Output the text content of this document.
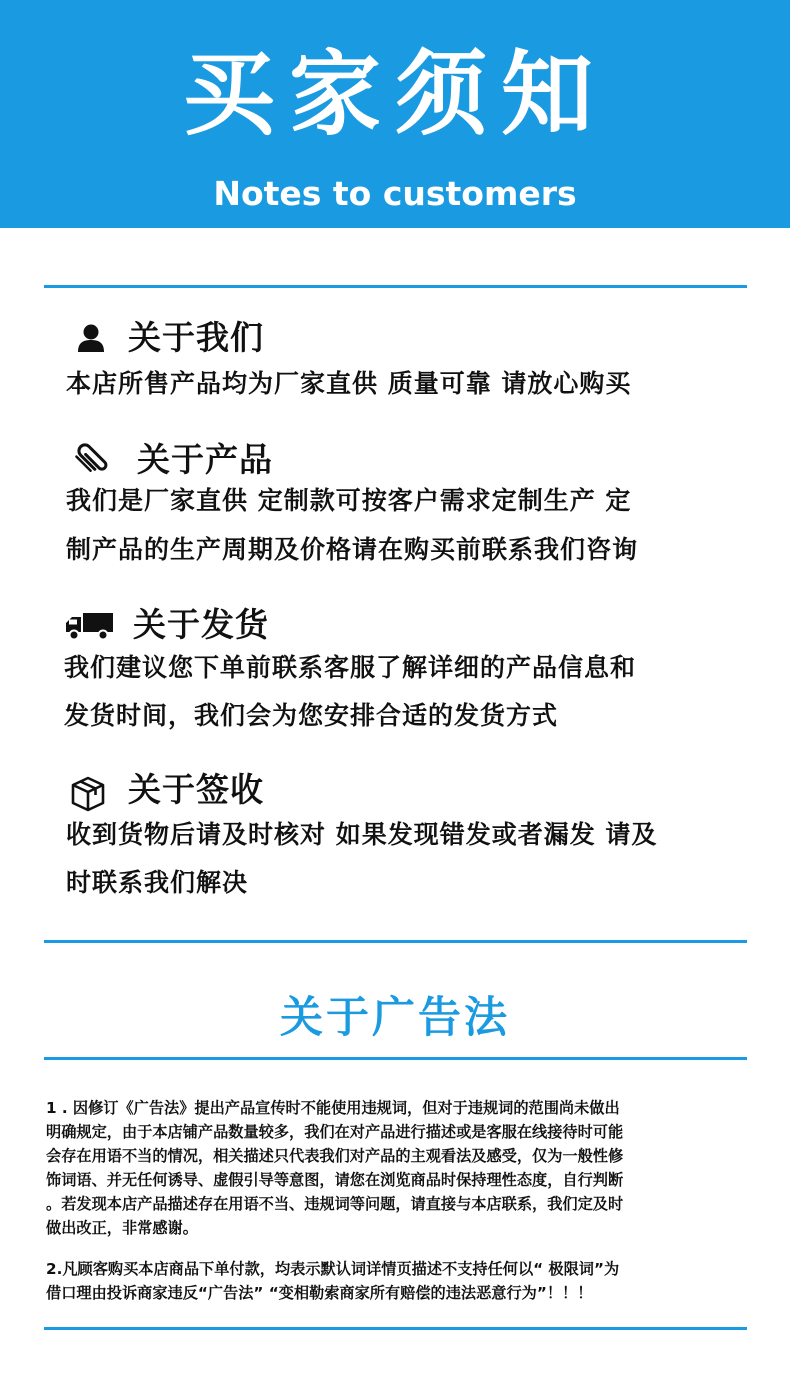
买家须知
Notes to customers
关于我们
本店所售产品均为厂家直供 质量可靠 请放心购买
关于产品
我们是厂家直供 定制款可按客户需求定制生产 定
制产品的生产周期及价格请在购买前联系我们咨询
关于发货
我们建议您下单前联系客服了解详细的产品信息和
发货时间，我们会为您安排合适的发货方式
关于签收
收到货物后请及时核对 如果发现错发或者漏发 请及
时联系我们解决
关于广告法
1 . 因修订《广告法》提出产品宣传时不能使用违规词，但对于违规词的范围尚未做出
明确规定，由于本店铺产品数量较多，我们在对产品进行描述或是客服在线接待时可能
会存在用语不当的情况，相关描述只代表我们对产品的主观看法及感受，仅为一般性修
饰词语、并无任何诱导、虚假引导等意图，请您在浏览商品时保持理性态度，自行判断
。若发现本店产品描述存在用语不当、违规词等问题，请直接与本店联系，我们定及时
做出改正，非常感谢。
2.凡顾客购买本店商品下单付款，均表示默认词详情页描述不支持任何以“ 极限词”为
借口理由投诉商家违反“广告法” “变相勒索商家所有赔偿的违法恶意行为”！！！
